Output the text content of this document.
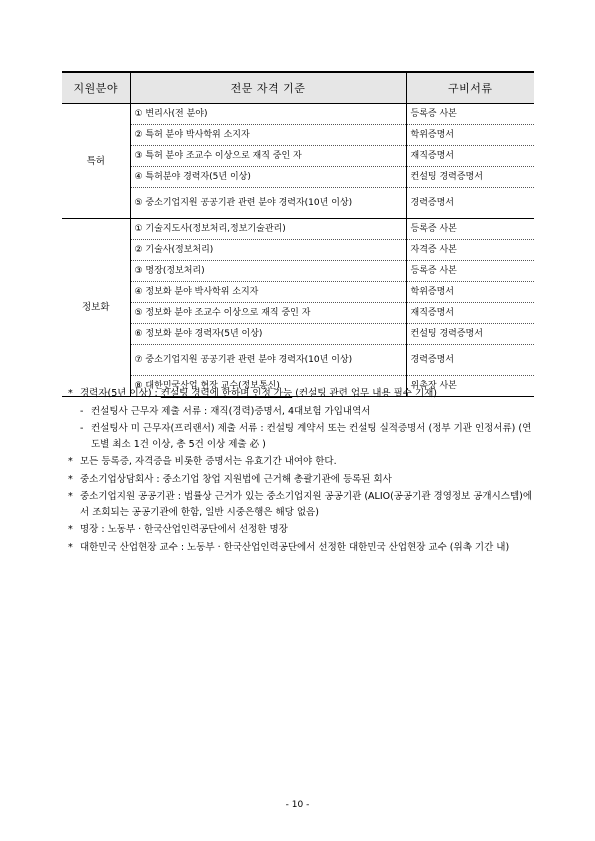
지원분야	전문 자격 기준	구비서류
특허	① 변리사(전 분야)	등록증 사본
	② 특허 분야 박사학위 소지자	학위증명서
	③ 특허 분야 조교수 이상으로 재직 중인 자	재직증명서
	④ 특허분야 경력자(5년 이상)	컨설팅 경력증명서
	⑤ 중소기업지원 공공기관 관련 분야 경력자(10년 이상)	경력증명서
정보화	① 기술지도사(정보처리,정보기술관리)	등록증 사본
	② 기술사(정보처리)	자격증 사본
	③ 명장(정보처리)	등록증 사본
	④ 정보화 분야 박사학위 소지자	학위증명서
	⑤ 정보화 분야 조교수 이상으로 재직 중인 자	재직증명서
	⑥ 정보화 분야 경력자(5년 이상)	컨설팅 경력증명서
	⑦ 중소기업지원 공공기관 관련 분야 경력자(10년 이상)	경력증명서
	⑧ 대한민국산업 현장 교수(정보통신)	위촉장 사본
* 경력자(5년 이상) : 컨설팅 경력에 한하며 인정 가능 (컨설팅 관련 업무 내용 필수 기재)
- 컨설팅사 근무자 제출 서류 : 재직(경력)증명서, 4대보험 가입내역서
- 컨설팅사 미 근무자(프리랜서) 제출 서류 : 컨설팅 계약서 또는 컨설팅 실적증명서 (정부 기관 인정서류) (연도별 최소 1건 이상, 총 5건 이상 제출 必 )
* 모든 등록증, 자격증을 비롯한 증명서는 유효기간 내여야 한다.
* 중소기업상담회사 : 중소기업 창업 지원법에 근거해 총괄기관에 등록된 회사
* 중소기업지원 공공기관 : 법률상 근거가 있는 중소기업지원 공공기관 (ALIO(공공기관 경영정보 공개시스템)에서 조회되는 공공기관에 한함, 일반 시중은행은 해당 없음)
* 명장 : 노동부 · 한국산업인력공단에서 선정한 명장
* 대한민국 산업현장 교수 : 노동부 · 한국산업인력공단에서 선정한 대한민국 산업현장 교수 (위촉 기간 내)
- 10 -
